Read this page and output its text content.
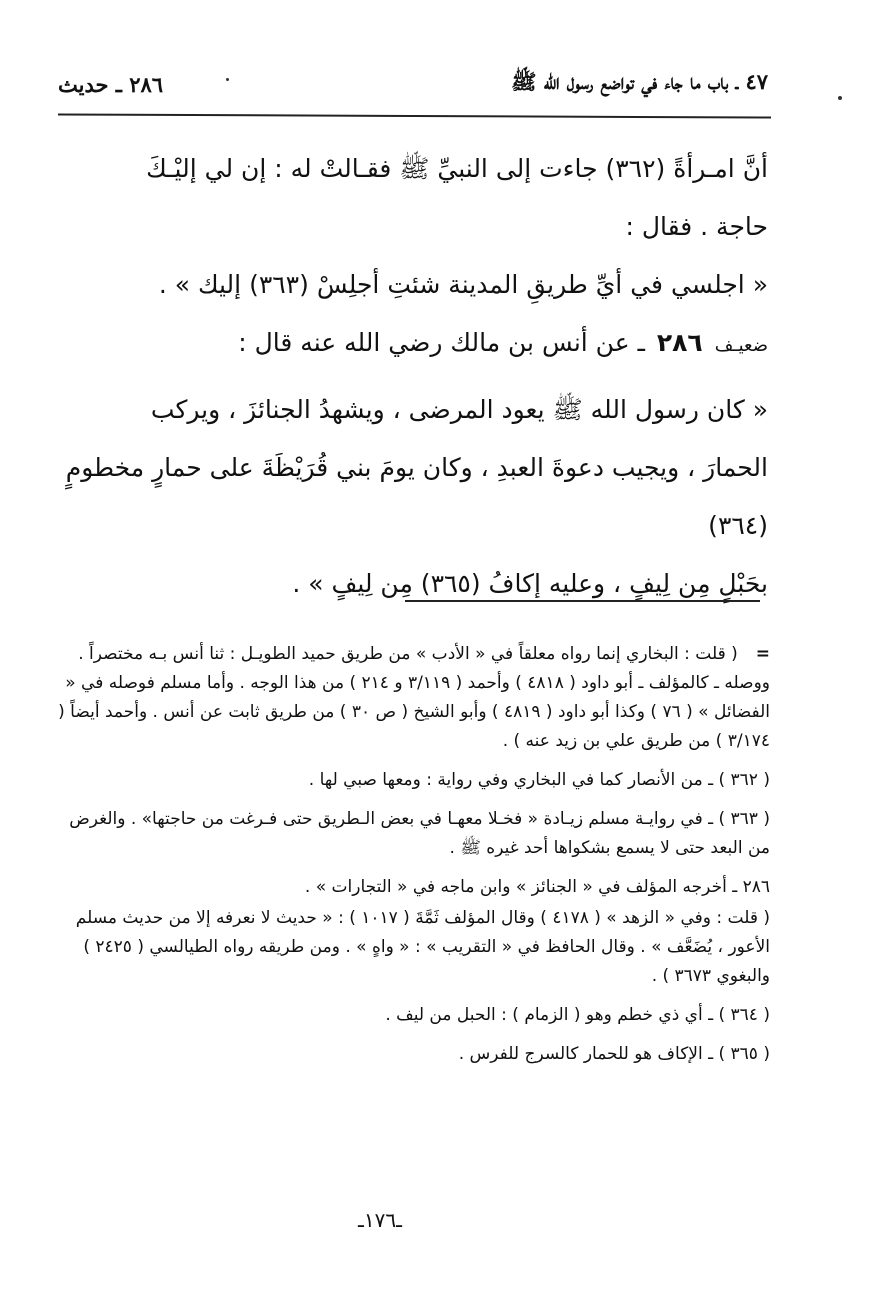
٤٧ ـ باب ما جاء في تواضع رسول الله ﷺ
٢٨٦ ـ حديث

أنَّ امـرأةً (٣٦٢) جاءت إلى النبيِّ ﷺ فقـالتْ له : إن لي إليْـكَ

حاجة . فقال :

« اجلسي في أيِّ طريقِ المدينة شئتِ أجلِسْ (٣٦٣) إليك » .

ضعيـف
٢٨٦
ـ عن أنس بن مالك رضي الله عنه قال :

« كان رسول الله ﷺ يعود المرضى ، ويشهدُ الجنائزَ ، ويركب

الحمارَ ، ويجيب دعوةَ العبدِ ، وكان يومَ بني قُرَيْظَةَ على حمارٍ مخطومٍ (٣٦٤)

بحَبْلٍ مِن لِيفٍ ، وعليه إكافُ (٣٦٥) مِن لِيفٍ » .

=( قلت : البخاري إنما رواه معلقاً في « الأدب » من طريق حميد الطويـل : ثنا أنس بـه مختصراً . ووصله ـ كالمؤلف ـ أبو داود ( ٤٨١٨ ) وأحمد ( ٣/١١٩ و ٢١٤ ) من هذا الوجه . وأما مسلم فوصله في « الفضائل » ( ٧٦ ) وكذا أبو داود ( ٤٨١٩ ) وأبو الشيخ ( ص ٣٠ ) من طريق ثابت عن أنس . وأحمد أيضاً ( ٣/١٧٤ ) من طريق علي بن زيد عنه ) .

( ٣٦٢ ) ـ من الأنصار كما في البخاري وفي رواية : ومعها صبي لها .

( ٣٦٣ ) ـ في روايـة مسلم زيـادة « فخـلا معهـا في بعض الـطريق حتى فـرغت من حاجتها» . والغرض من البعد حتى لا يسمع بشكواها أحد غيره ﷺ .

٢٨٦ ـ أخرجه المؤلف في « الجنائز » وابن ماجه في « التجارات » .

( قلت : وفي « الزهد » ( ٤١٧٨ ) وقال المؤلف ثَمَّةَ ( ١٠١٧ ) : « حديث لا نعرفه إلا من حديث مسلم الأعور ، يُضَعَّف » . وقال الحافظ في « التقريب » : « واهٍ » . ومن طريقه رواه الطيالسي ( ٢٤٢٥ ) والبغوي ٣٦٧٣ ) .

( ٣٦٤ ) ـ أي ذي خطم وهو ( الزمام ) : الحبل من ليف .

( ٣٦٥ ) ـ الإكاف هو للحمار كالسرج للفرس .

ـ١٧٦ـ
